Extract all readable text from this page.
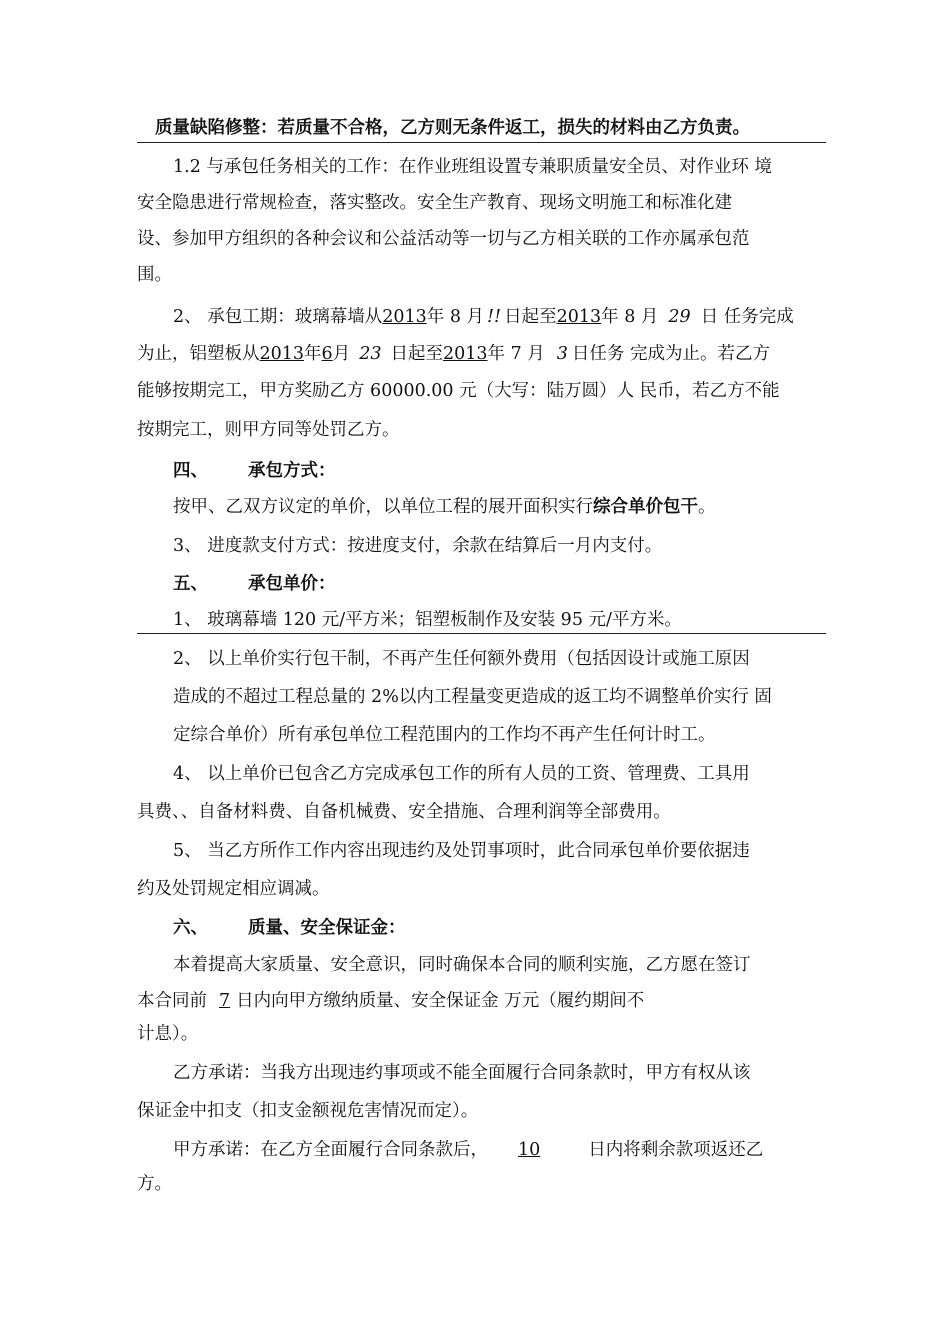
质量缺陷修整：若质量不合格，乙方则无条件返工，损失的材料由乙方负责。
1.2 与承包任务相关的工作：在作业班组设置专兼职质量安全员、对作业环 境
安全隐患进行常规检查，落实整改。安全生产教育、现场文明施工和标准化建
设、参加甲方组织的各种会议和公益活动等一切与乙方相关联的工作亦属承包范
围。
2、 承包工期：玻璃幕墙从2013年 8 月 !! 日起至2013年 8 月 29 日 任务完成
为止，铝塑板从2013年6月 23 日起至2013年 7 月 3 日任务 完成为止。若乙方
能够按期完工，甲方奖励乙方 60000.00 元（大写：陆万圆）人 民币，若乙方不能
按期完工，则甲方同等处罚乙方。
四、 承包方式：
按甲、乙双方议定的单价，以单位工程的展开面积实行综合单价包干。
3、 进度款支付方式：按进度支付，余款在结算后一月内支付。
五、 承包单价：
1、 玻璃幕墙 120 元/平方米；铝塑板制作及安装 95 元/平方米。
2、 以上单价实行包干制，不再产生任何额外费用（包括因设计或施工原因
造成的不超过工程总量的 2%以内工程量变更造成的返工均不调整单价实行 固
定综合单价）所有承包单位工程范围内的工作均不再产生任何计时工。
4、 以上单价已包含乙方完成承包工作的所有人员的工资、管理费、工具用
具费、、自备材料费、自备机械费、安全措施、合理利润等全部费用。
5、 当乙方所作工作内容出现违约及处罚事项时，此合同承包单价要依据违
约及处罚规定相应调减。
六、 质量、安全保证金：
本着提高大家质量、安全意识，同时确保本合同的顺利实施，乙方愿在签订
本合同前 7 日内向甲方缴纳质量、安全保证金 万元（履约期间不
计息）。
乙方承诺：当我方出现违约事项或不能全面履行合同条款时，甲方有权从该
保证金中扣支（扣支金额视危害情况而定）。
甲方承诺：在乙方全面履行合同条款后， 10	日内将剩余款项返还乙
方。
